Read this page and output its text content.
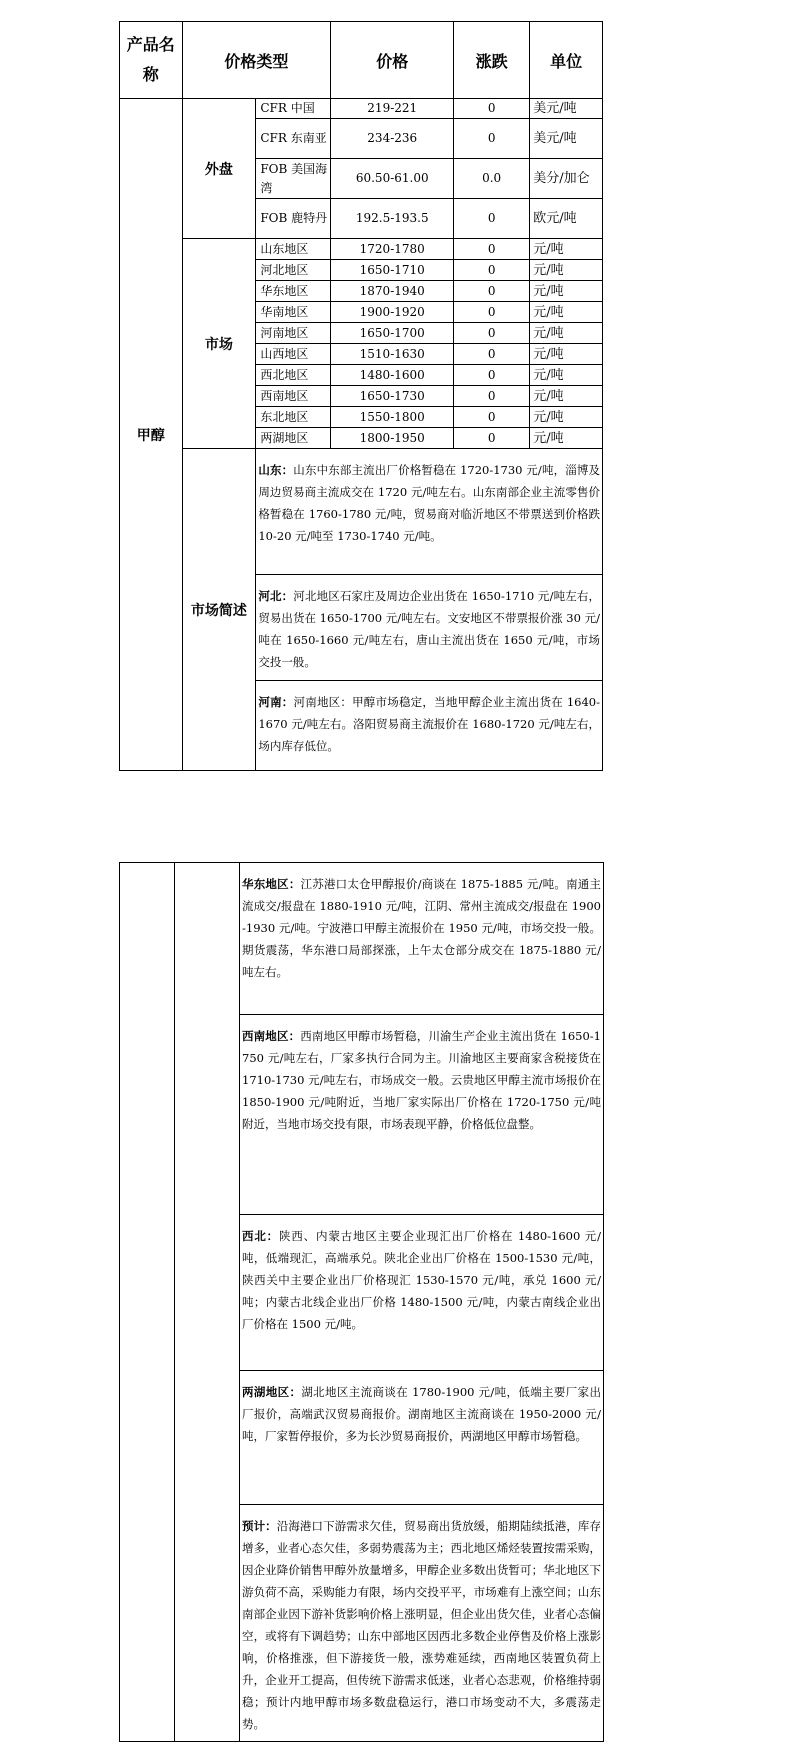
产品名称	价格类型		价格	涨跌	单位
甲醇	外盘	CFR 中国	219-221	0	美元/吨
		CFR 东南亚	234-236	0	美元/吨
		FOB 美国海湾	60.50-61.00	0.0	美分/加仑
		FOB 鹿特丹	192.5-193.5	0	欧元/吨
	市场	山东地区	1720-1780	0	元/吨
		河北地区	1650-1710	0	元/吨
		华东地区	1870-1940	0	元/吨
		华南地区	1900-1920	0	元/吨
		河南地区	1650-1700	0	元/吨
		山西地区	1510-1630	0	元/吨
		西北地区	1480-1600	0	元/吨
		西南地区	1650-1730	0	元/吨
		东北地区	1550-1800	0	元/吨
		两湖地区	1800-1950	0	元/吨
	市场简述	山东：山东中东部主流出厂价格暂稳在 1720-1730 元/吨，淄博及周边贸易商主流成交在 1720 元/吨左右。山东南部企业主流零售价格暂稳在 1760-1780 元/吨，贸易商对临沂地区不带票送到价格跌 10-20 元/吨至 1730-1740 元/吨。			
		河北：河北地区石家庄及周边企业出货在 1650-1710 元/吨左右，贸易出货在 1650-1700 元/吨左右。文安地区不带票报价涨 30 元/吨在 1650-1660 元/吨左右，唐山主流出货在 1650 元/吨，市场交投一般。			
		河南：河南地区：甲醇市场稳定，当地甲醇企业主流出货在 1640-1670 元/吨左右。洛阳贸易商主流报价在 1680-1720 元/吨左右，场内库存低位。			
		华东地区：江苏港口太仓甲醇报价/商谈在 1875-1885 元/吨。南通主流成交/报盘在 1880-1910 元/吨，江阴、常州主流成交/报盘在 1900-1930 元/吨。宁波港口甲醇主流报价在 1950 元/吨，市场交投一般。期货震荡，华东港口局部探涨，上午太仓部分成交在 1875-1880 元/吨左右。
西南地区：西南地区甲醇市场暂稳，川渝生产企业主流出货在 1650-1750 元/吨左右，厂家多执行合同为主。川渝地区主要商家含税接货在 1710-1730 元/吨左右，市场成交一般。云贵地区甲醇主流市场报价在 1850-1900 元/吨附近，当地厂家实际出厂价格在 1720-1750 元/吨附近，当地市场交投有限，市场表现平静，价格低位盘整。
西北：陕西、内蒙古地区主要企业现汇出厂价格在 1480-1600 元/吨，低端现汇，高端承兑。陕北企业出厂价格在 1500-1530 元/吨，陕西关中主要企业出厂价格现汇 1530-1570 元/吨，承兑 1600 元/吨；内蒙古北线企业出厂价格 1480-1500 元/吨，内蒙古南线企业出厂价格在 1500 元/吨。
两湖地区：湖北地区主流商谈在 1780-1900 元/吨，低端主要厂家出厂报价，高端武汉贸易商报价。湖南地区主流商谈在 1950-2000 元/吨，厂家暂停报价，多为长沙贸易商报价，两湖地区甲醇市场暂稳。
预计：沿海港口下游需求欠佳，贸易商出货放缓，船期陆续抵港，库存增多，业者心态欠佳，多弱势震荡为主；西北地区烯烃装置按需采购，因企业降价销售甲醇外放量增多，甲醇企业多数出货暂可；华北地区下游负荷不高，采购能力有限，场内交投平平，市场难有上涨空间；山东南部企业因下游补货影响价格上涨明显，但企业出货欠佳，业者心态偏空，或将有下调趋势；山东中部地区因西北多数企业停售及价格上涨影响，价格推涨，但下游接货一般，涨势难延续，西南地区装置负荷上升，企业开工提高，但传统下游需求低迷，业者心态悲观，价格维持弱稳；预计内地甲醇市场多数盘稳运行，港口市场变动不大，多震荡走势。
